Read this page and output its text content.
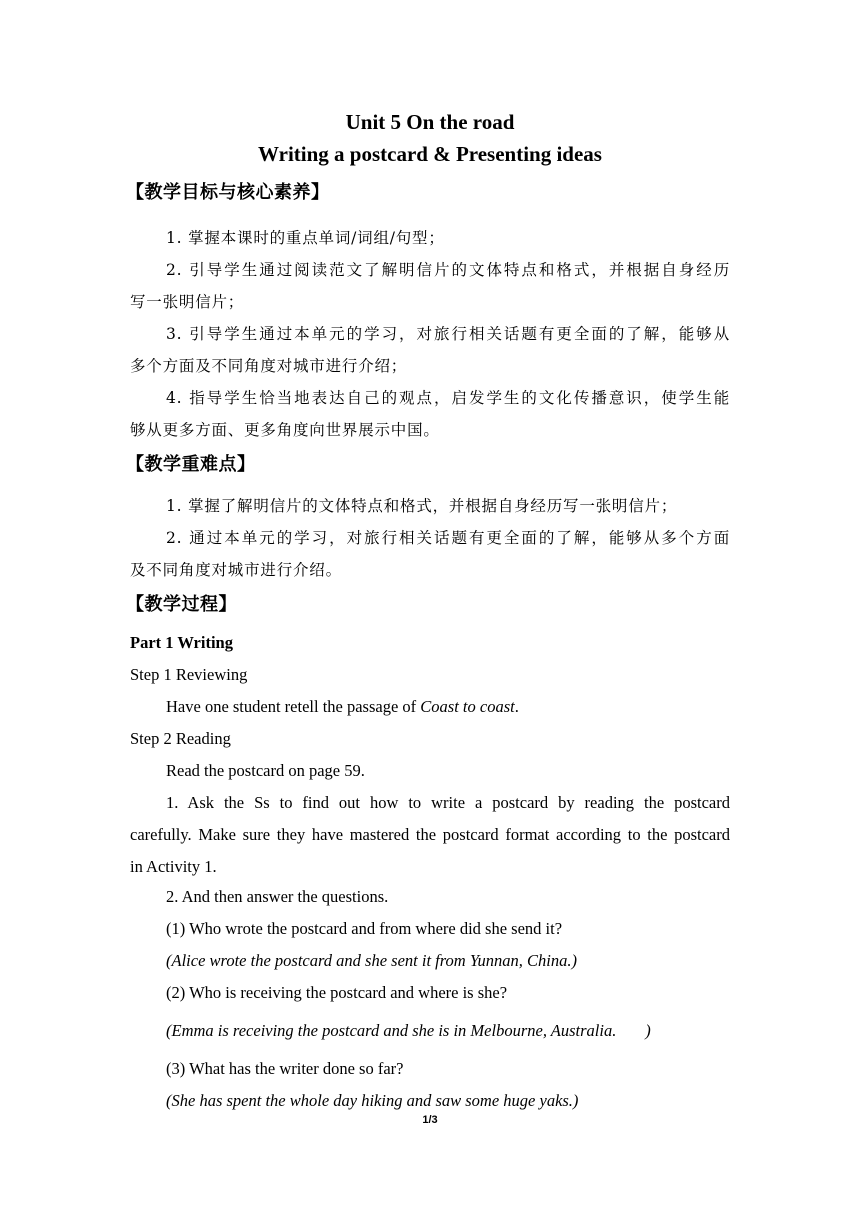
Unit 5 On the road
Writing a postcard & Presenting ideas
【教学目标与核心素养】
1. 掌握本课时的重点单词/词组/句型；
2. 引导学生通过阅读范文了解明信片的文体特点和格式，并根据自身经历
写一张明信片；
3. 引导学生通过本单元的学习，对旅行相关话题有更全面的了解，能够从
多个方面及不同角度对城市进行介绍；
4. 指导学生恰当地表达自己的观点，启发学生的文化传播意识，使学生能
够从更多方面、更多角度向世界展示中国。
【教学重难点】
1. 掌握了解明信片的文体特点和格式，并根据自身经历写一张明信片；
2. 通过本单元的学习，对旅行相关话题有更全面的了解，能够从多个方面
及不同角度对城市进行介绍。
【教学过程】
Part 1 Writing
Step 1 Reviewing
Have one student retell the passage of Coast to coast.
Step 2 Reading
Read the postcard on page 59.
1. Ask the Ss to find out how to write a postcard by reading the postcard
carefully. Make sure they have mastered the postcard format according to the postcard
in Activity 1.
2. And then answer the questions.
(1) Who wrote the postcard and from where did she send it?
(Alice wrote the postcard and she sent it from Yunnan, China.)
(2) Who is receiving the postcard and where is she?
(Emma is receiving the postcard and she is in Melbourne, Australia.       )
(3) What has the writer done so far?
(She has spent the whole day hiking and saw some huge yaks.)
1/3
